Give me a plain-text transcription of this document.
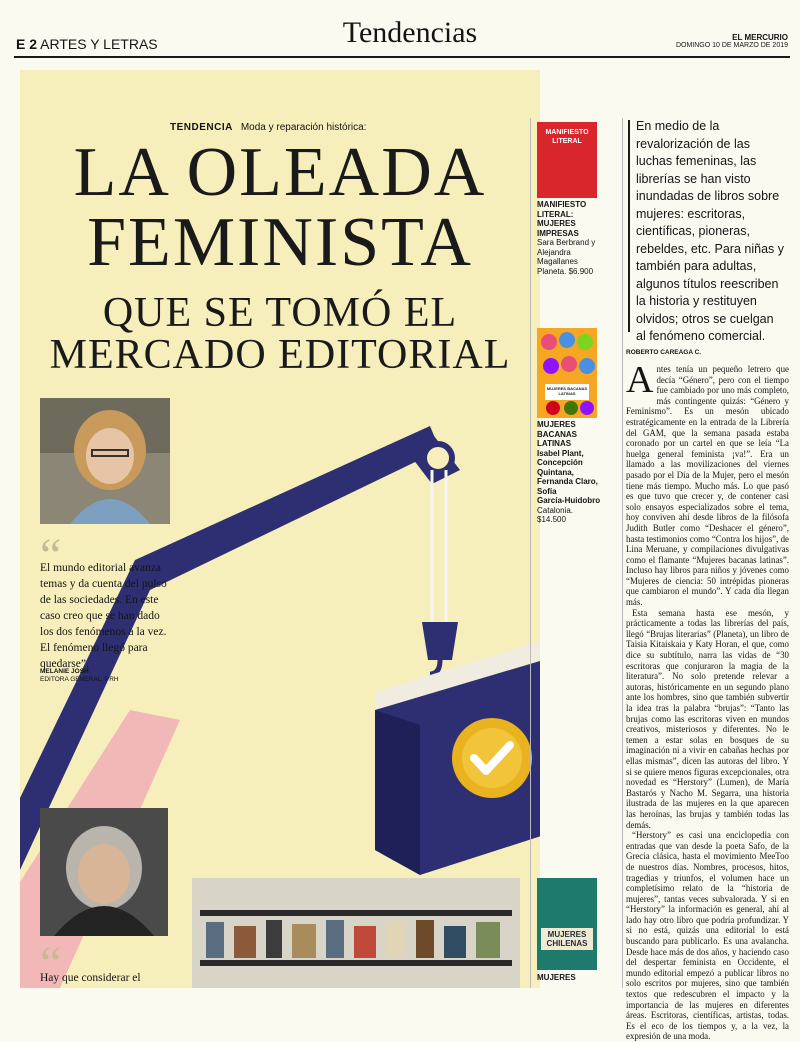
E 2 ARTES Y LETRAS	Tendencias	EL MERCURIO
DOMINGO 10 DE MARZO DE 2019
TENDENCIA Moda y reparación histórica:
LA OLEADA
FEMINISTA
QUE SE TOMÓ EL
MERCADO EDITORIAL
“
El mundo editorial avanza temas y da cuenta del pulso de las sociedades. En este caso creo que se han dado los dos fenómenos a la vez. El fenómeno llegó para quedarse”.
MELANIE JOSH
EDITORA GENERAL, PRH
“
Hay que considerar el
MANIFIESTO LITERAL
MANIFIESTO
LITERAL:
MUJERES
IMPRESAS
Sara Berbrand y
Alejandra
Magallanes
Planeta. $6.900
MUJERES BACANAS LATINAS
MUJERES
BACANAS
LATINAS
Isabel Plant,
Concepción
Quintana,
Fernanda Claro,
Sofía
García-Huidobro
Catalonia.
$14.500
MUJERES CHILENAS
MUJERES
En medio de la revalorización de las luchas femeninas, las librerías se han visto inundadas de libros sobre mujeres: escritoras, científicas, pioneras, rebeldes, etc. Para niñas y también para adultas, algunos títulos reescriben la historia y restituyen olvidos; otros se cuelgan al fenómeno comercial.
ROBERTO CAREAGA C.

Antes tenía un pequeño letrero que decía “Género”, pero con el tiempo fue cambiado por uno más completo, más contingente quizás: “Género y Feminismo”. Es un mesón ubicado estratégicamente en la entrada de la Librería del GAM, que la semana pasada estaba coronado por un cartel en que se leía “La huelga general feminista ¡va!”. Era un llamado a las movilizaciones del viernes pasado por el Día de la Mujer, pero el mesón tiene más tiempo. Mucho más. Lo que pasó es que tuvo que crecer y, de contener casi solo ensayos especializados sobre el tema, hoy conviven ahí desde libros de la filósofa Judith Butler como “Deshacer el género”, hasta testimonios como “Contra los hijos”, de Lina Meruane, y compilaciones divulgativas como el flamante “Mujeres bacanas latinas”. Incluso hay libros para niños y jóvenes como “Mujeres de ciencia: 50 intrépidas pioneras que cambiaron el mundo”. Y cada día llegan más.

Esta semana hasta ese mesón, y prácticamente a todas las librerías del país, llegó “Brujas literarias” (Planeta), un libro de Taisia Kitaiskaia y Katy Horan, el que, como dice su subtítulo, narra las vidas de “30 escritoras que conjuraron la magia de la literatura”. No solo pretende relevar a autoras, históricamente en un segundo plano ante los hombres, sino que también subvertir la idea tras la palabra “brujas”: “Tanto las brujas como las escritoras viven en mundos creativos, misteriosos y diferentes. No le temen a estar solas en bosques de su imaginación ni a vivir en cabañas hechas por ellas mismas”, dicen las autoras del libro. Y si se quiere menos figuras excepcionales, otra novedad es “Herstory” (Lumen), de María Bastarós y Nacho M. Segarra, una historia ilustrada de las mujeres en la que aparecen las heroínas, las brujas y también todas las demás.

“Herstory” es casi una enciclopedia con entradas que van desde la poeta Safo, de la Grecia clásica, hasta el movimiento MeeToo de nuestros días. Nombres, procesos, hitos, tragedias y triunfos, el volumen hace un completísimo relato de la “historia de mujeres”, tantas veces subvalorada. Y si en “Herstory” la información es general, ahí al lado hay otro libro que podría profundizar. Y si no está, quizás una editorial lo está buscando para publicarlo. Es una avalancha. Desde hace más de dos años, y haciendo caso del despertar feminista en Occidente, el mundo editorial empezó a publicar libros no solo escritos por mujeres, sino que también textos que redescubren el impacto y la importancia de las mujeres en diferentes áreas. Escritoras, científicas, artistas, todas. Es el eco de los tiempos y, a la vez, la expresión de una moda.
